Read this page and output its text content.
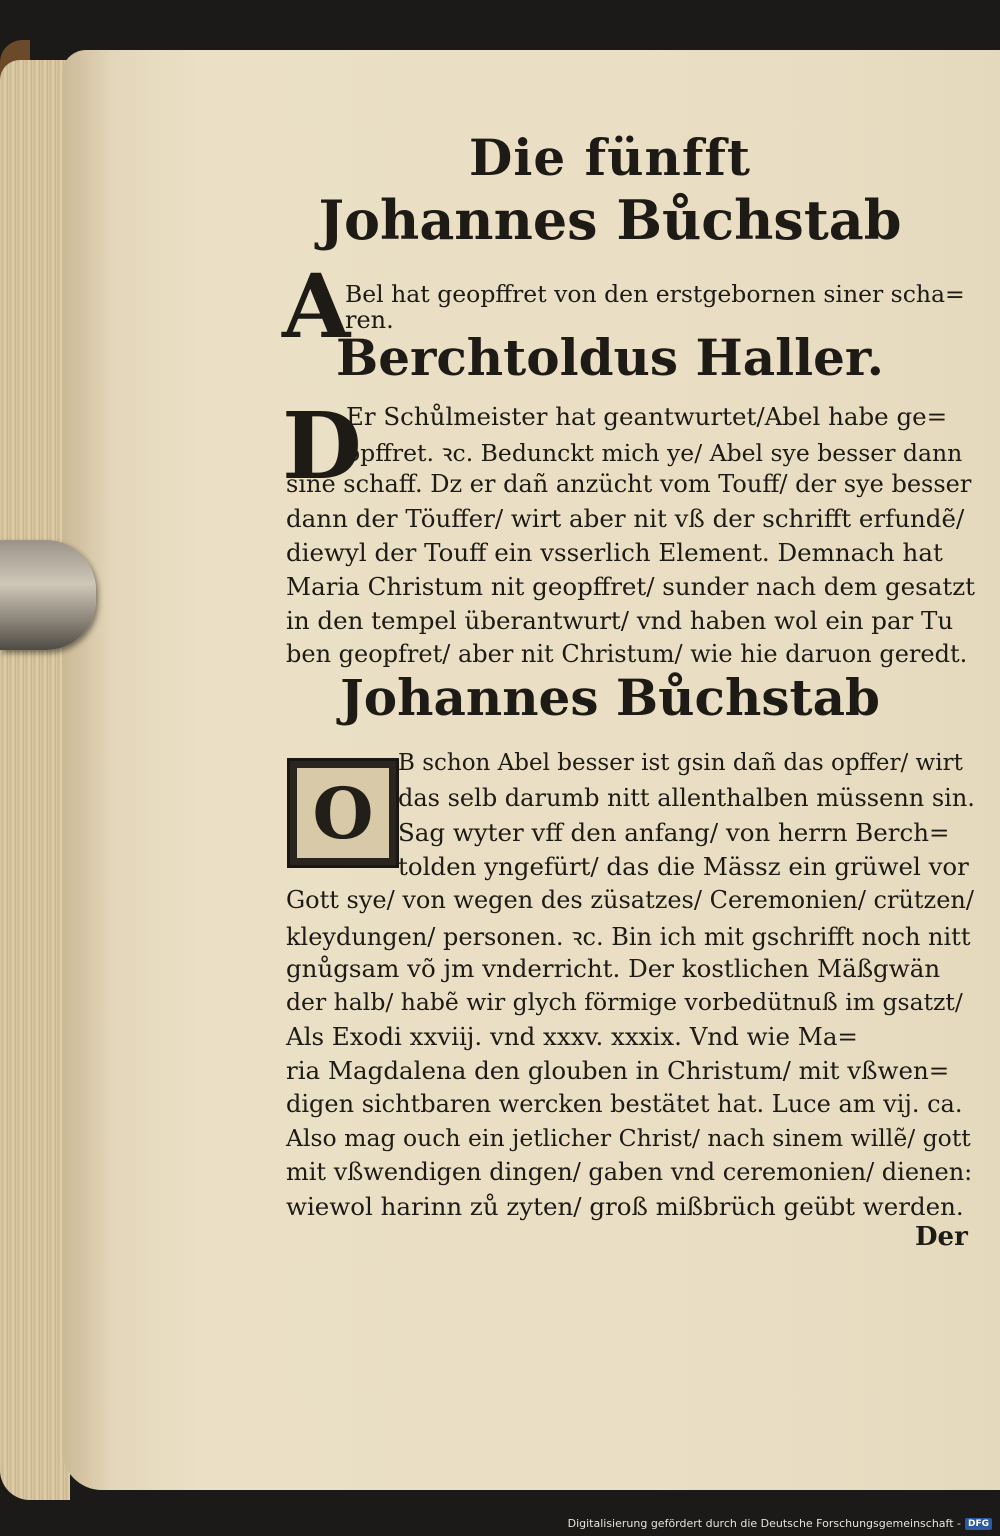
Die fünfft
Johannes Bůchstab
A
Bel hat geopffret von den erstgebornen siner scha=
ren.
Berchtoldus Haller.
D
Er Schůlmeister hat geantwurtet/Abel habe ge=
opffret. ꝛc. Bedunckt mich ye/ Abel sye besser dann
sine schaff. Dz er dañ anzücht vom Touff/ der sye besser
dann der Töuffer/ wirt aber nit vß der schrifft erfundẽ/
diewyl der Touff ein vsserlich Element. Demnach hat
Maria Christum nit geopffret/ sunder nach dem gesatzt
in den tempel überantwurt/ vnd haben wol ein par Tu
ben geopfret/ aber nit Christum/ wie hie daruon geredt.
Johannes Bůchstab
O
B schon Abel besser ist gsin dañ das opffer/ wirt
das selb darumb nitt allenthalben müssenn sin.
Sag wyter vff den anfang/ von herrn Berch=
tolden yngefürt/ das die Mässz ein grüwel vor
Gott sye/ von wegen des züsatzes/ Ceremonien/ crützen/
kleydungen/ personen. ꝛc. Bin ich mit gschrifft noch nitt
gnůgsam võ jm vnderricht. Der kostlichen Mäßgwän
der halb/ habẽ wir glych förmige vorbedütnuß im gsatzt/
Als Exodi xxviij. vnd xxxv. xxxix. Vnd wie Ma=
ria Magdalena den glouben in Christum/ mit vßwen=
digen sichtbaren wercken bestätet hat. Luce am vij. ca.
Also mag ouch ein jetlicher Christ/ nach sinem willẽ/ gott
mit vßwendigen dingen/ gaben vnd ceremonien/ dienen:
wiewol harinn zů zyten/ groß mißbrüch geübt werden.
Der
Digitalisierung gefördert durch die Deutsche Forschungsgemeinschaft - DFG
